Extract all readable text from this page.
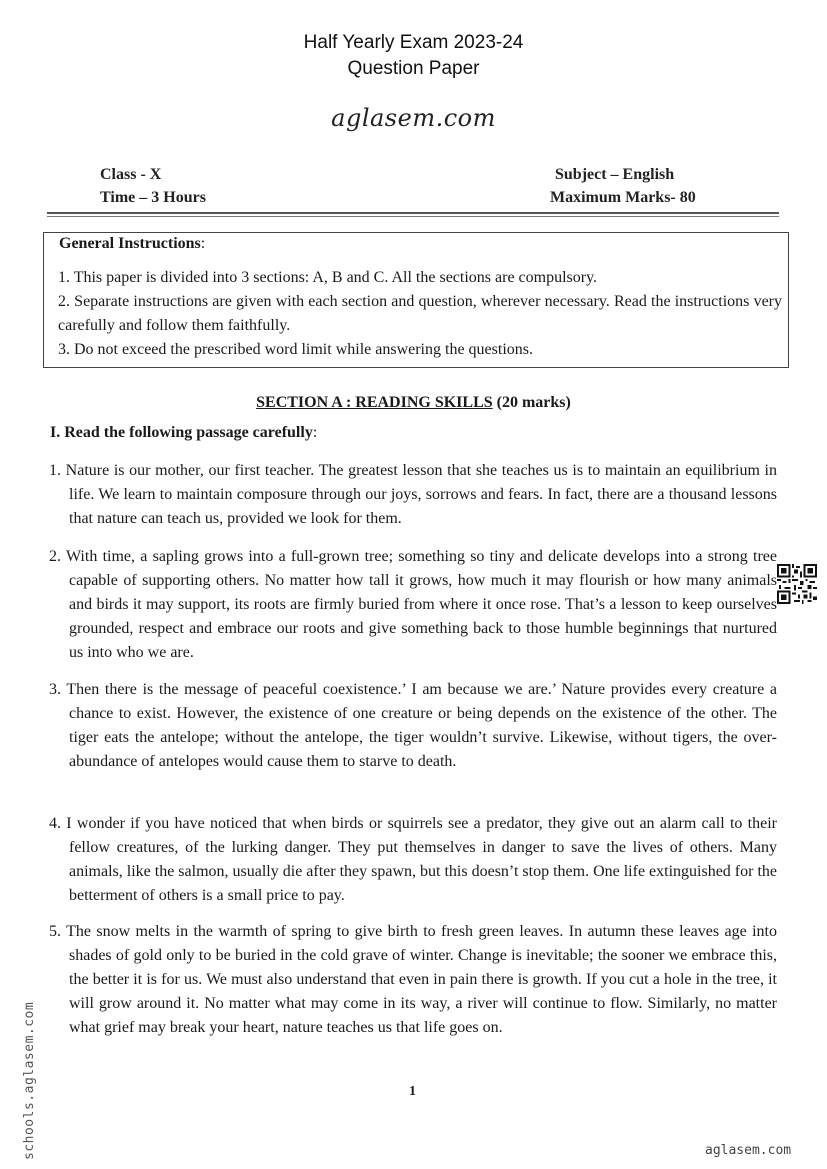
Half Yearly Exam 2023-24
Question Paper
aglasem.com
Class - X
Time – 3 Hours
Subject – English
Maximum Marks- 80
General Instructions:
1. This paper is divided into 3 sections: A, B and C. All the sections are compulsory.
2. Separate instructions are given with each section and question, wherever necessary. Read the instructions very carefully and follow them faithfully.
3. Do not exceed the prescribed word limit while answering the questions.
SECTION A : READING SKILLS (20 marks)
I. Read the following passage carefully:
1. Nature is our mother, our first teacher. The greatest lesson that she teaches us is to maintain an equilibrium in life. We learn to maintain composure through our joys, sorrows and fears. In fact, there are a thousand lessons that nature can teach us, provided we look for them.
2. With time, a sapling grows into a full-grown tree; something so tiny and delicate develops into a strong tree capable of supporting others. No matter how tall it grows, how much it may flourish or how many animals and birds it may support, its roots are firmly buried from where it once rose. That’s a lesson to keep ourselves grounded, respect and embrace our roots and give something back to those humble beginnings that nurtured us into who we are.
3. Then there is the message of peaceful coexistence.’ I am because we are.’ Nature provides every creature a chance to exist. However, the existence of one creature or being depends on the existence of the other. The tiger eats the antelope; without the antelope, the tiger wouldn’t survive. Likewise, without tigers, the over- abundance of antelopes would cause them to starve to death.
4. I wonder if you have noticed that when birds or squirrels see a predator, they give out an alarm call to their fellow creatures, of the lurking danger. They put themselves in danger to save the lives of others. Many animals, like the salmon, usually die after they spawn, but this doesn’t stop them. One life extinguished for the betterment of others is a small price to pay.
5. The snow melts in the warmth of spring to give birth to fresh green leaves. In autumn these leaves age into shades of gold only to be buried in the cold grave of winter. Change is inevitable; the sooner we embrace this, the better it is for us. We must also understand that even in pain there is growth. If you cut a hole in the tree, it will grow around it. No matter what may come in its way, a river will continue to flow. Similarly, no matter what grief may break your heart, nature teaches us that life goes on.
1
schools.aglasem.com	aglasem.com
